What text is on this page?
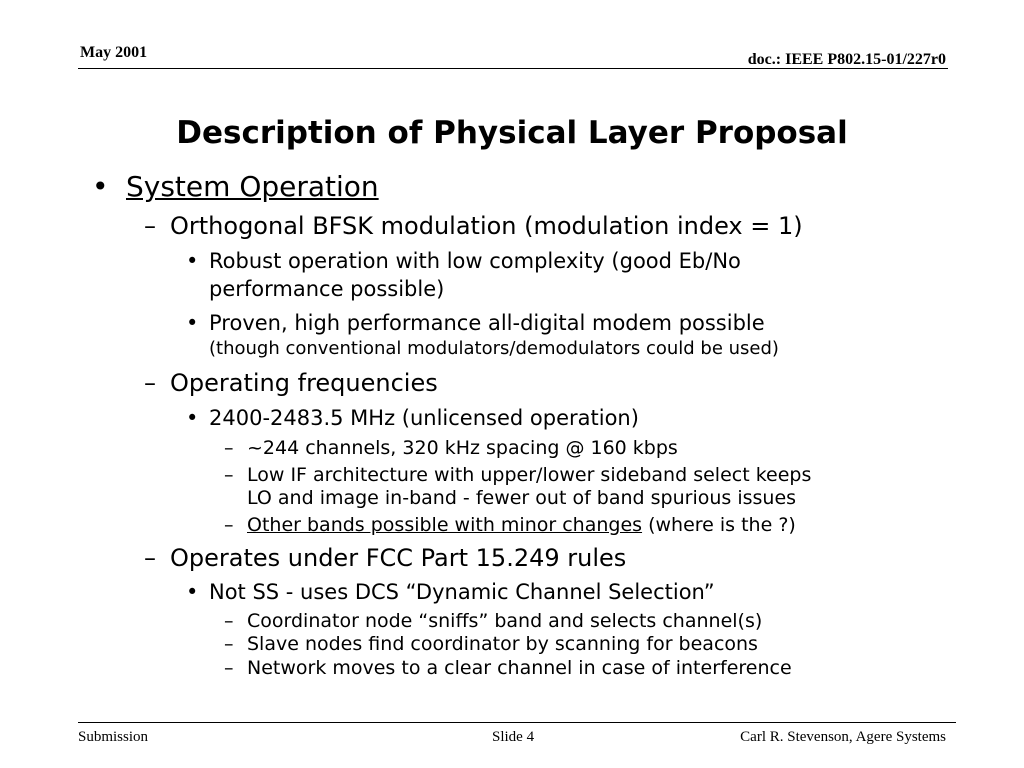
May 2001	doc.: IEEE P802.15-01/227r0
Description of Physical Layer Proposal
• System Operation
– Orthogonal BFSK modulation (modulation index = 1)
• Robust operation with low complexity (good Eb/No
performance possible)
• Proven, high performance all-digital modem possible
(though conventional modulators/demodulators could be used)
– Operating frequencies
• 2400-2483.5 MHz (unlicensed operation)
– ~244 channels, 320 kHz spacing @ 160 kbps
– Low IF architecture with upper/lower sideband select keeps
LO and image in-band - fewer out of band spurious issues
– Other bands possible with minor changes (where is the ?)
– Operates under FCC Part 15.249 rules
• Not SS - uses DCS “Dynamic Channel Selection”
– Coordinator node “sniffs” band and selects channel(s)
– Slave nodes find coordinator by scanning for beacons
– Network moves to a clear channel in case of interference
Submission	Slide 4	Carl R. Stevenson, Agere Systems
